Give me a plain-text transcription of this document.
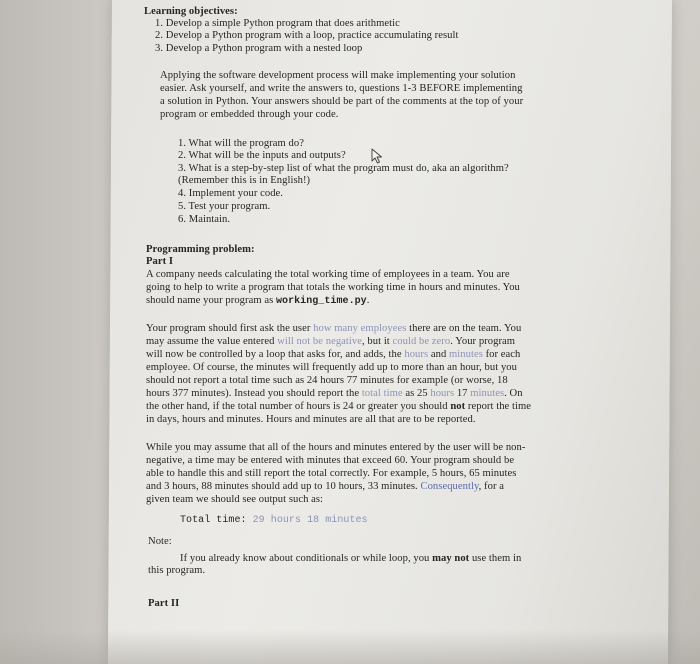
Learning objectives:
1. Develop a simple Python program that does arithmetic
2. Develop a Python program with a loop, practice accumulating result
3. Develop a Python program with a nested loop
Applying the software development process will make implementing your solution
easier. Ask yourself, and write the answers to, questions 1-3 BEFORE implementing
a solution in Python. Your answers should be part of the comments at the top of your
program or embedded through your code.
1. What will the program do?
2. What will be the inputs and outputs?
3. What is a step-by-step list of what the program must do, aka an algorithm?
(Remember this is in English!)
4. Implement your code.
5. Test your program.
6. Maintain.
Programming problem:
Part I
A company needs calculating the total working time of employees in a team. You are
going to help to write a program that totals the working time in hours and minutes. You
should name your program as working_time.py.
Your program should first ask the user how many employees there are on the team. You
may assume the value entered will not be negative, but it could be zero. Your program
will now be controlled by a loop that asks for, and adds, the hours and minutes for each
employee. Of course, the minutes will frequently add up to more than an hour, but you
should not report a total time such as 24 hours 77 minutes for example (or worse, 18
hours 377 minutes). Instead you should report the total time as 25 hours 17 minutes. On
the other hand, if the total number of hours is 24 or greater you should not report the time
in days, hours and minutes. Hours and minutes are all that are to be reported.
While you may assume that all of the hours and minutes entered by the user will be non-
negative, a time may be entered with minutes that exceed 60. Your program should be
able to handle this and still report the total correctly. For example, 5 hours, 65 minutes
and 3 hours, 88 minutes should add up to 10 hours, 33 minutes. Consequently, for a
given team we should see output such as:
Total time: 29 hours 18 minutes
Note:
If you already know about conditionals or while loop, you may not use them in
this program.
Part II
